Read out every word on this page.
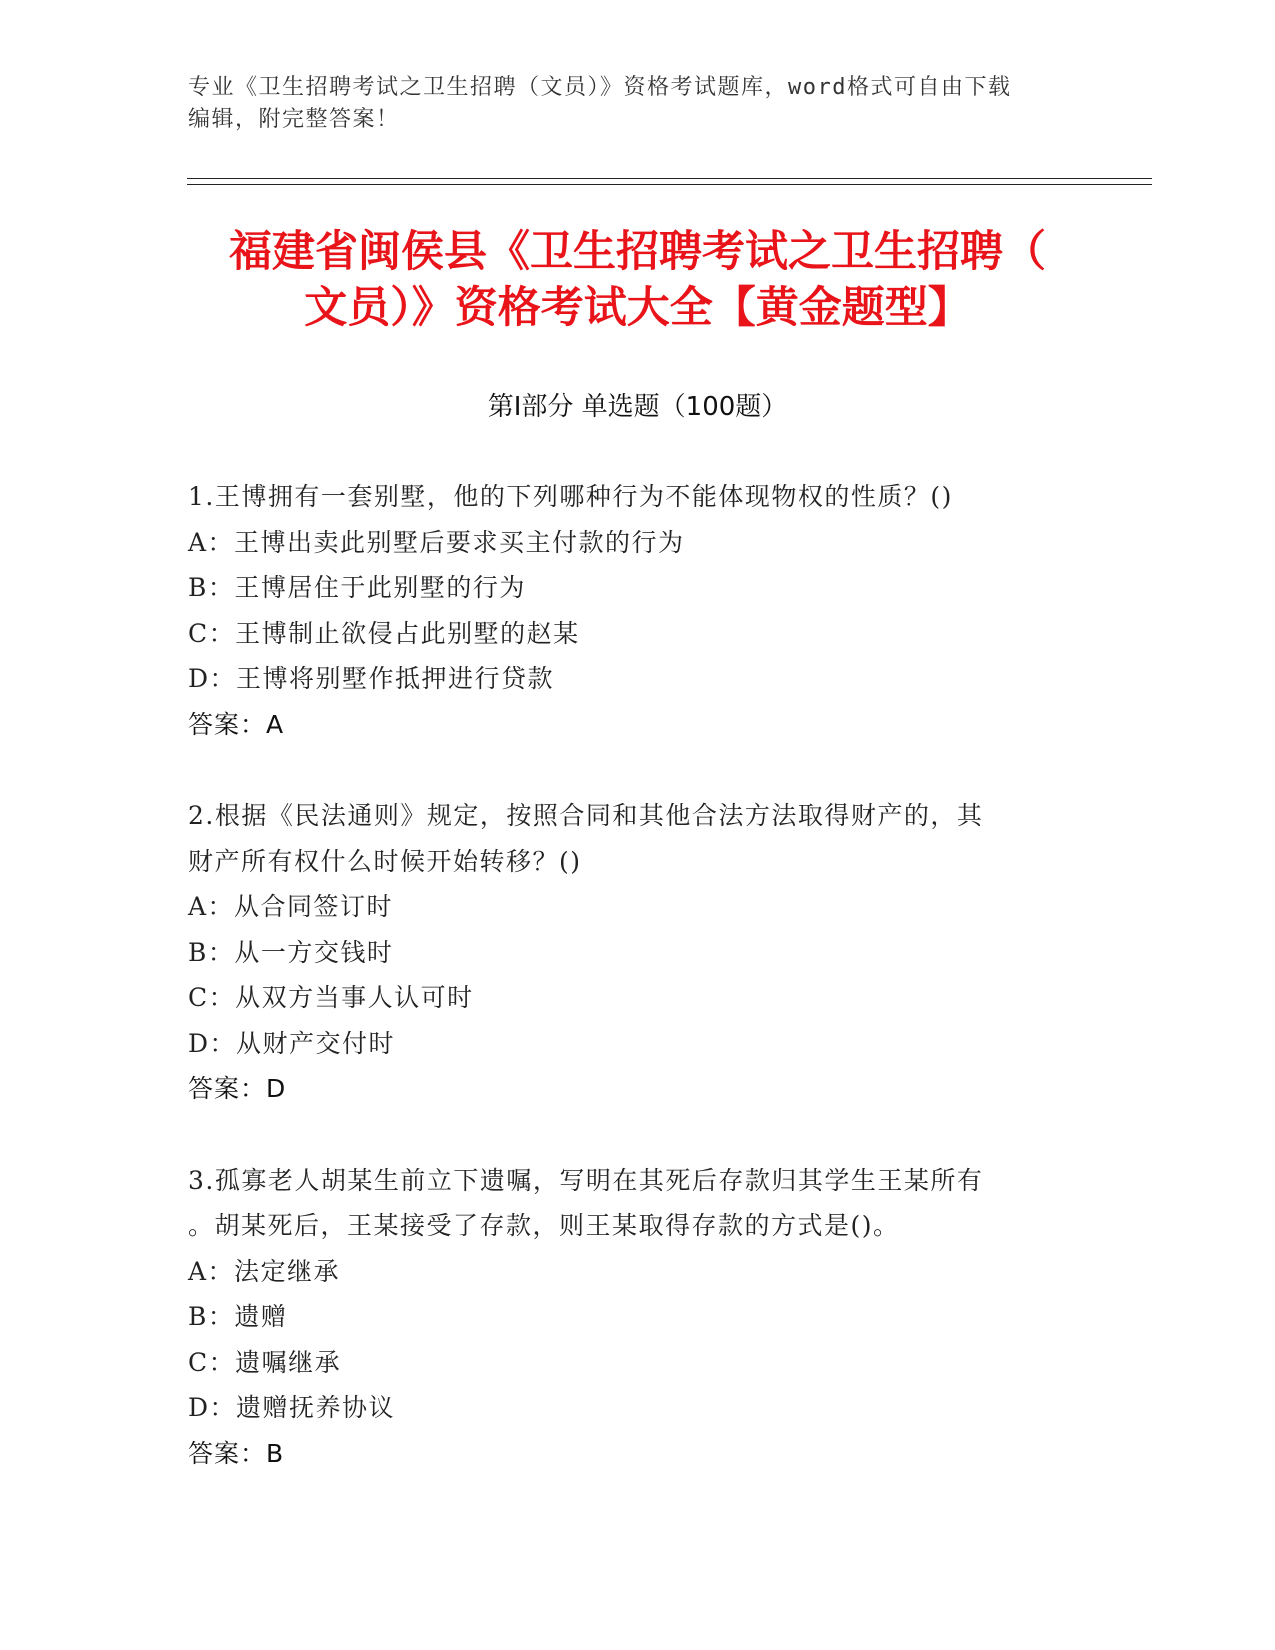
专业《卫生招聘考试之卫生招聘（文员）》资格考试题库，word格式可自由下载
编辑，附完整答案！
福建省闽侯县《卫生招聘考试之卫生招聘（
文员）》资格考试大全【黄金题型】
第Ⅰ部分 单选题（100题）
1.王博拥有一套别墅，他的下列哪种行为不能体现物权的性质？()
A：王博出卖此别墅后要求买主付款的行为
B：王博居住于此别墅的行为
C：王博制止欲侵占此别墅的赵某
D：王博将别墅作抵押进行贷款
答案：A
2.根据《民法通则》规定，按照合同和其他合法方法取得财产的，其
财产所有权什么时候开始转移？()
A：从合同签订时
B：从一方交钱时
C：从双方当事人认可时
D：从财产交付时
答案：D
3.孤寡老人胡某生前立下遗嘱，写明在其死后存款归其学生王某所有
。胡某死后，王某接受了存款，则王某取得存款的方式是()。
A：法定继承
B：遗赠
C：遗嘱继承
D：遗赠抚养协议
答案：B
